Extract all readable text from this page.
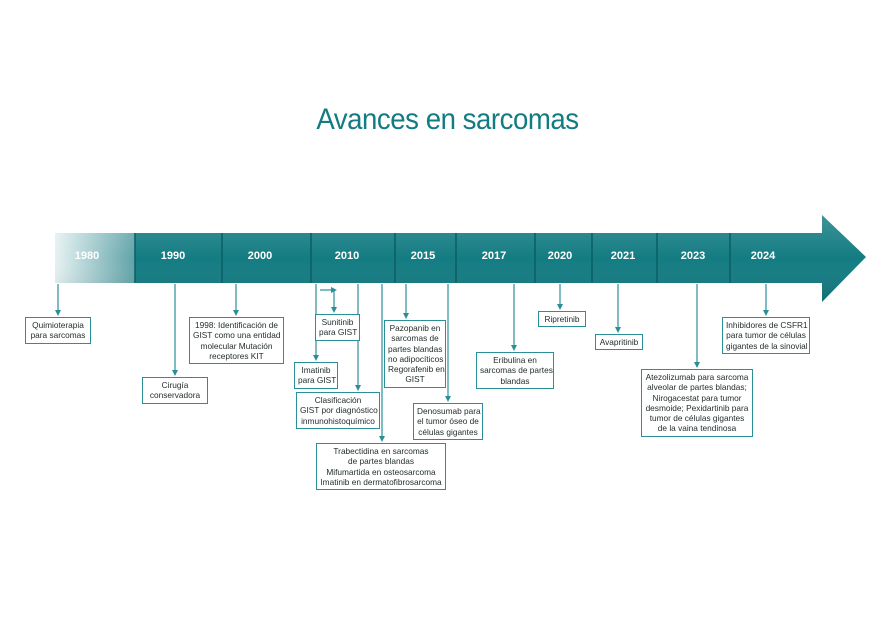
Avances en sarcomas
1980	1990	2000	2010	2015	2017	2020	2021	2023	2024
Quimioterapia
para sarcomas
Cirugía
conservadora
1998: Identificación de
GIST como una entidad
molecular Mutación
receptores KIT
Sunitinib
para GIST
Imatinib
para GIST
Clasificación
GIST por diagnóstico
inmunohistoquímico
Trabectidina en sarcomas
de partes blandas
Mifumartida en osteosarcoma
Imatinib en dermatofibrosarcoma
Pazopanib en
sarcomas de
partes blandas
no adipocíticos
Regorafenib en
GIST
Denosumab para
el tumor óseo de
células gigantes
Eribulina en
sarcomas de partes
blandas
Ripretinib
Avapritinib
Atezolizumab para sarcoma
alveolar de partes blandas;
Nirogacestat para tumor
desmoide; Pexidartinib para
tumor de células gigantes
de la vaina tendinosa
Inhibidores de CSFR1
para tumor de células
gigantes de la sinovial
